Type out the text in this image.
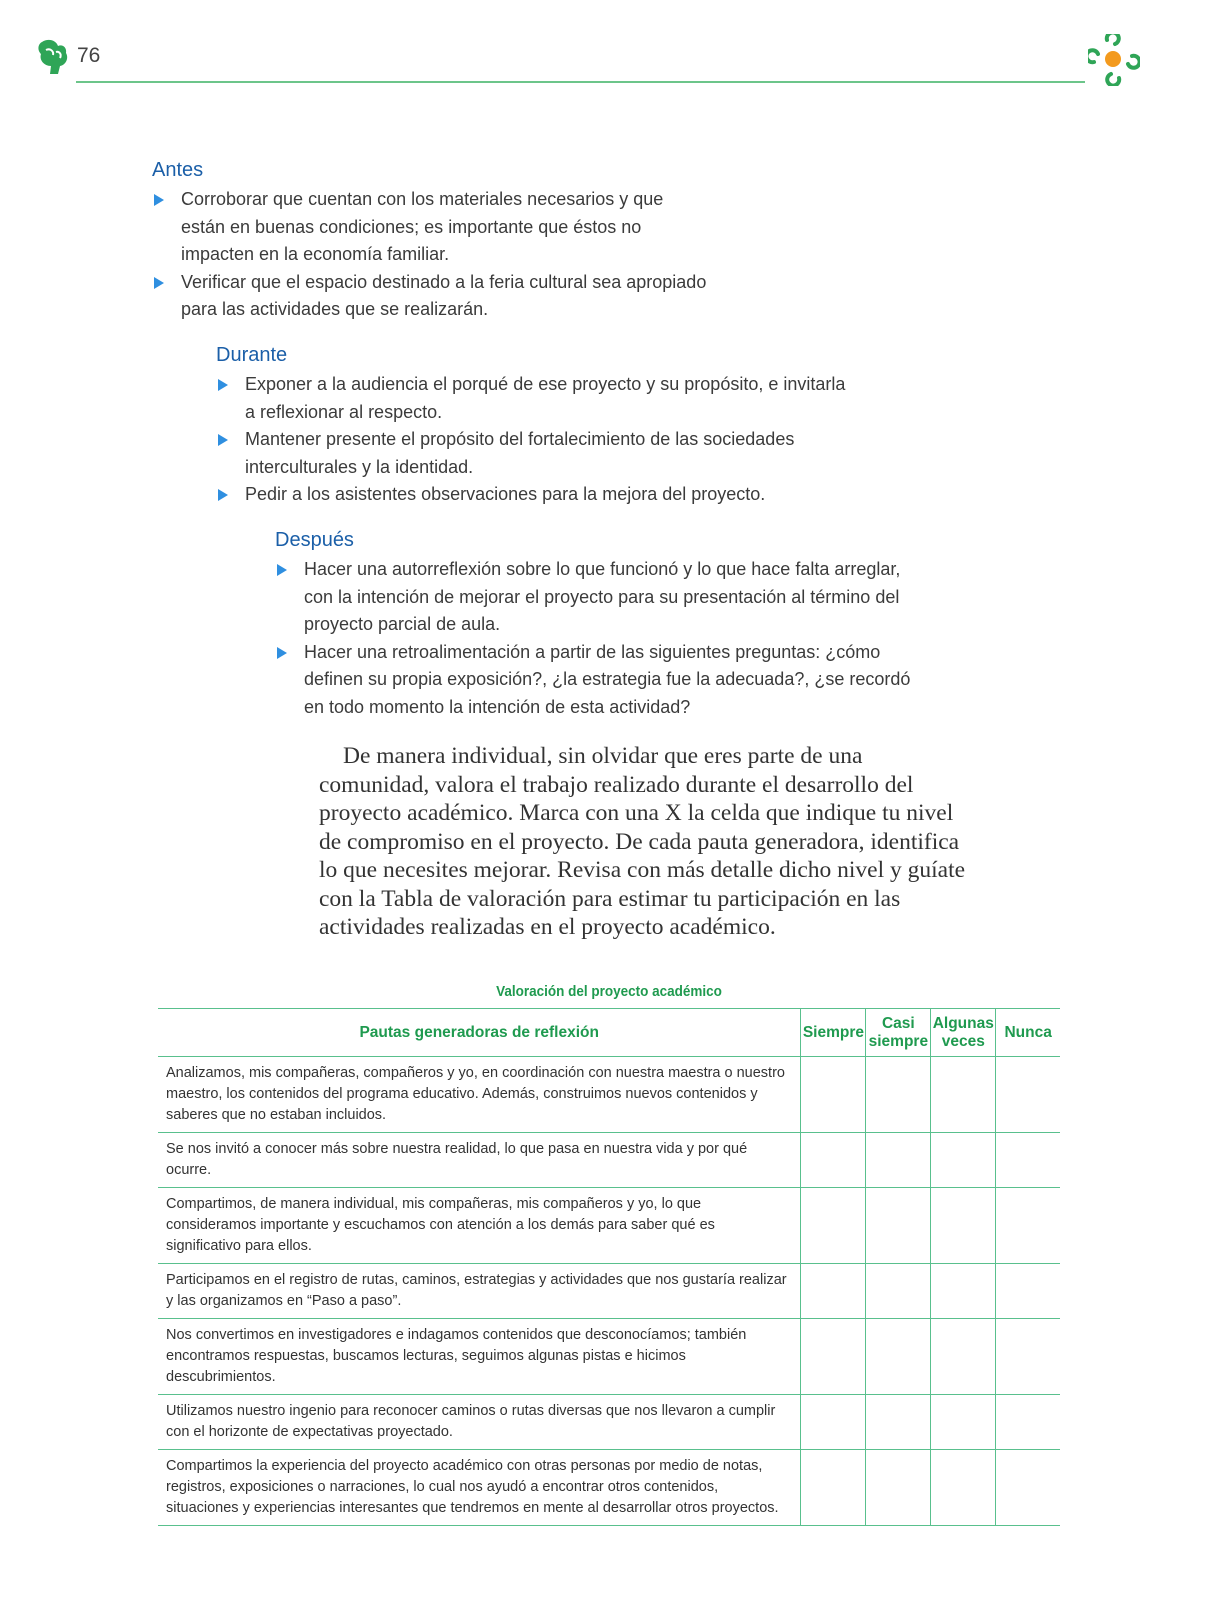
76
Antes
Corroborar que cuentan con los materiales necesarios y que están en buenas condiciones; es importante que éstos no impacten en la economía familiar.
Verificar que el espacio destinado a la feria cultural sea apropiado para las actividades que se realizarán.
Durante
Exponer a la audiencia el porqué de ese proyecto y su propósito, e invitarla a reflexionar al respecto.
Mantener presente el propósito del fortalecimiento de las sociedades interculturales y la identidad.
Pedir a los asistentes observaciones para la mejora del proyecto.
Después
Hacer una autorreflexión sobre lo que funcionó y lo que hace falta arreglar, con la intención de mejorar el proyecto para su presentación al término del proyecto parcial de aula.
Hacer una retroalimentación a partir de las siguientes preguntas: ¿cómo definen su propia exposición?, ¿la estrategia fue la adecuada?, ¿se recordó en todo momento la intención de esta actividad?

De manera individual, sin olvidar que eres parte de una comunidad, valora el trabajo realizado durante el desarrollo del proyecto académico. Marca con una X la celda que indique tu nivel de compromiso en el proyecto. De cada pauta generadora, identifica lo que necesites mejorar. Revisa con más detalle dicho nivel y guíate con la Tabla de valoración para estimar tu participación en las actividades realizadas en el proyecto académico.

Valoración del proyecto académico
Pautas generadoras de reflexión	Siempre	Casi siempre	Algunas veces	Nunca
Analizamos, mis compañeras, compañeros y yo, en coordinación con nuestra maestra o nuestro maestro, los contenidos del programa educativo. Además, construimos nuevos contenidos y saberes que no estaban incluidos.				
Se nos invitó a conocer más sobre nuestra realidad, lo que pasa en nuestra vida y por qué ocurre.				
Compartimos, de manera individual, mis compañeras, mis compañeros y yo, lo que consideramos importante y escuchamos con atención a los demás para saber qué es significativo para ellos.				
Participamos en el registro de rutas, caminos, estrategias y actividades que nos gustaría realizar y las organizamos en “Paso a paso”.				
Nos convertimos en investigadores e indagamos contenidos que desconocíamos; también encontramos respuestas, buscamos lecturas, seguimos algunas pistas e hicimos descubrimientos.				
Utilizamos nuestro ingenio para reconocer caminos o rutas diversas que nos llevaron a cumplir con el horizonte de expectativas proyectado.				
Compartimos la experiencia del proyecto académico con otras personas por medio de notas, registros, exposiciones o narraciones, lo cual nos ayudó a encontrar otros contenidos, situaciones y experiencias interesantes que tendremos en mente al desarrollar otros proyectos.				
